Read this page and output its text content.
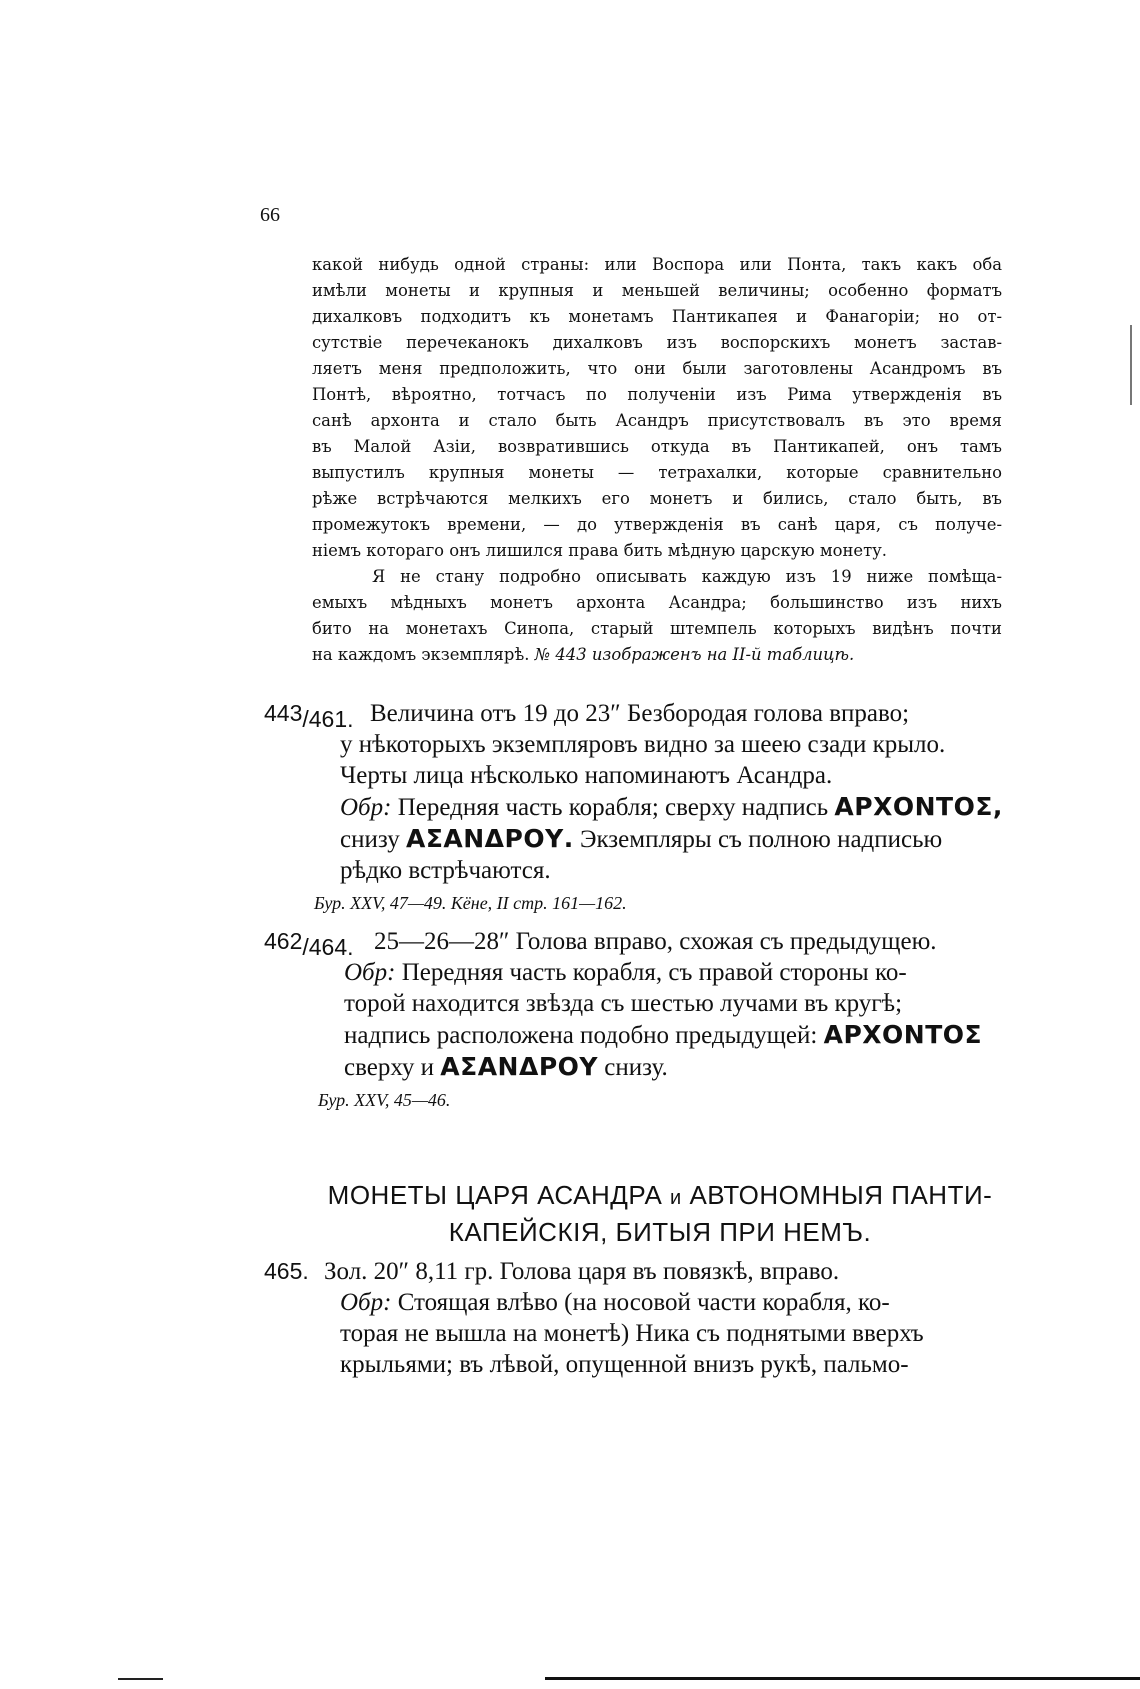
66
какой нибудь одной страны: или Воспора или Понта, такъ какъ оба
имѣли монеты и крупныя и меньшей величины; особенно форматъ
дихалковъ подходитъ къ монетамъ Пантикапея и Фанагоріи; но от-
сутствіе перечеканокъ дихалковъ изъ воспорскихъ монетъ застав-
ляетъ меня предположить, что они были заготовлены Асандромъ въ
Понтѣ, вѣроятно, тотчасъ по полученіи изъ Рима утвержденія въ
санѣ архонта и стало быть Асандръ присутствовалъ въ это время
въ Малой Азіи, возвратившись откуда въ Пантикапей, онъ тамъ
выпустилъ крупныя монеты — тетрахалки, которые сравнительно
рѣже встрѣчаются мелкихъ его монетъ и бились, стало быть, въ
промежутокъ времени, — до утвержденія въ санѣ царя, съ получе-
ніемъ котораго онъ лишился права бить мѣдную царскую монету.
Я не стану подробно описывать каждую изъ 19 ниже помѣща-
емыхъ мѣдныхъ монетъ архонта Асандра; большинство изъ нихъ
бито на монетахъ Синопа, старый штемпель которыхъ видѣнъ почти
на каждомъ экземплярѣ. № 443 изображенъ на II-й таблицѣ.
$^{443}$/461. Величина отъ 19 до 23″ Безбородая голова вправо;
у нѣкоторыхъ экземпляровъ видно за шеею сзади крыло.
Черты лица нѣсколько напоминаютъ Асандра.
Обр: Передняя часть корабля; сверху надпись ΑΡΧΟΝΤΟΣ,
снизу ΑΣΑΝΔΡΟΥ. Экземпляры съ полною надписью
рѣдко встрѣчаются.
Бур. XXV, 47—49. Кёне, II стр. 161—162.
$^{462}$/464. 25—26—28″ Голова вправо, схожая съ предыдущею.
Обр: Передняя часть корабля, съ правой стороны ко-
торой находится звѣзда съ шестью лучами въ кругѣ;
надпись расположена подобно предыдущей: ΑΡΧΟΝΤΟΣ
сверху и ΑΣΑΝΔΡΟΥ снизу.
Бур. XXV, 45—46.
МОНЕТЫ ЦАРЯ АСАНДРА и АВТОНОМНЫЯ ПАНТИ-
КАПЕЙСКІЯ, БИТЫЯ ПРИ НЕМЪ.
465. Зол. 20″ 8,11 гр. Голова царя въ повязкѣ, вправо.
Обр: Стоящая влѣво (на носовой части корабля, ко-
торая не вышла на монетѣ) Ника съ поднятыми вверхъ
крыльями; въ лѣвой, опущенной внизъ рукѣ, пальмо-
